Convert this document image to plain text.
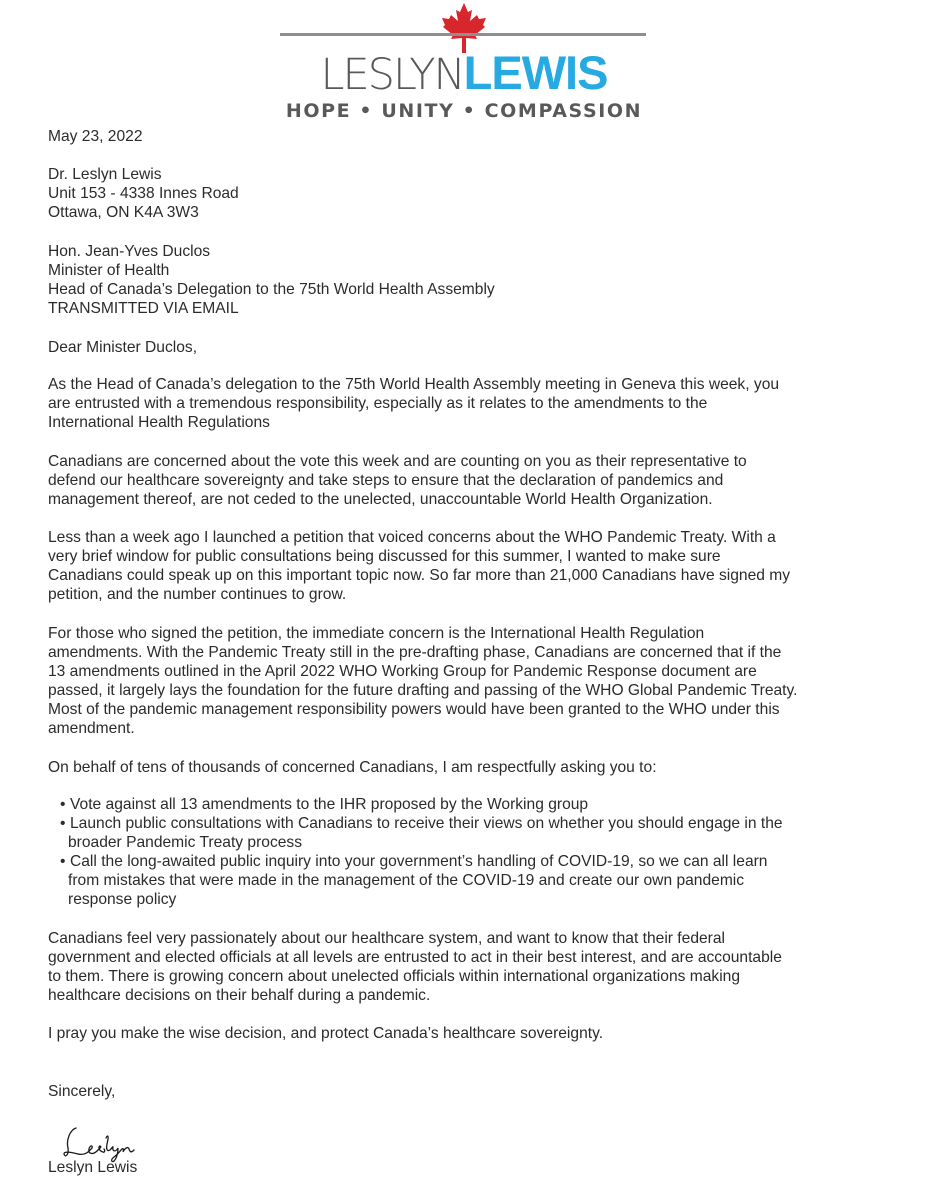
LESLYNLEWIS
HOPE • UNITY • COMPASSION
May 23, 2022
Dr. Leslyn Lewis
Unit 153 - 4338 Innes Road
Ottawa, ON K4A 3W3
Hon. Jean-Yves Duclos
Minister of Health
Head of Canada’s Delegation to the 75th World Health Assembly
TRANSMITTED VIA EMAIL
Dear Minister Duclos,
As the Head of Canada’s delegation to the 75th World Health Assembly meeting in Geneva this week, you
are entrusted with a tremendous responsibility, especially as it relates to the amendments to the
International Health Regulations
Canadians are concerned about the vote this week and are counting on you as their representative to
defend our healthcare sovereignty and take steps to ensure that the declaration of pandemics and
management thereof, are not ceded to the unelected, unaccountable World Health Organization.
Less than a week ago I launched a petition that voiced concerns about the WHO Pandemic Treaty. With a
very brief window for public consultations being discussed for this summer, I wanted to make sure
Canadians could speak up on this important topic now. So far more than 21,000 Canadians have signed my
petition, and the number continues to grow.
For those who signed the petition, the immediate concern is the International Health Regulation
amendments. With the Pandemic Treaty still in the pre-drafting phase, Canadians are concerned that if the
13 amendments outlined in the April 2022 WHO Working Group for Pandemic Response document are
passed, it largely lays the foundation for the future drafting and passing of the WHO Global Pandemic Treaty.
Most of the pandemic management responsibility powers would have been granted to the WHO under this
amendment.
On behalf of tens of thousands of concerned Canadians, I am respectfully asking you to:
• Vote against all 13 amendments to the IHR proposed by the Working group
• Launch public consultations with Canadians to receive their views on whether you should engage in the
broader Pandemic Treaty process
• Call the long-awaited public inquiry into your government’s handling of COVID-19, so we can all learn
from mistakes that were made in the management of the COVID-19 and create our own pandemic
response policy
Canadians feel very passionately about our healthcare system, and want to know that their federal
government and elected officials at all levels are entrusted to act in their best interest, and are accountable
to them. There is growing concern about unelected officials within international organizations making
healthcare decisions on their behalf during a pandemic.
I pray you make the wise decision, and protect Canada’s healthcare sovereignty.
Sincerely,
Leslyn Lewis
